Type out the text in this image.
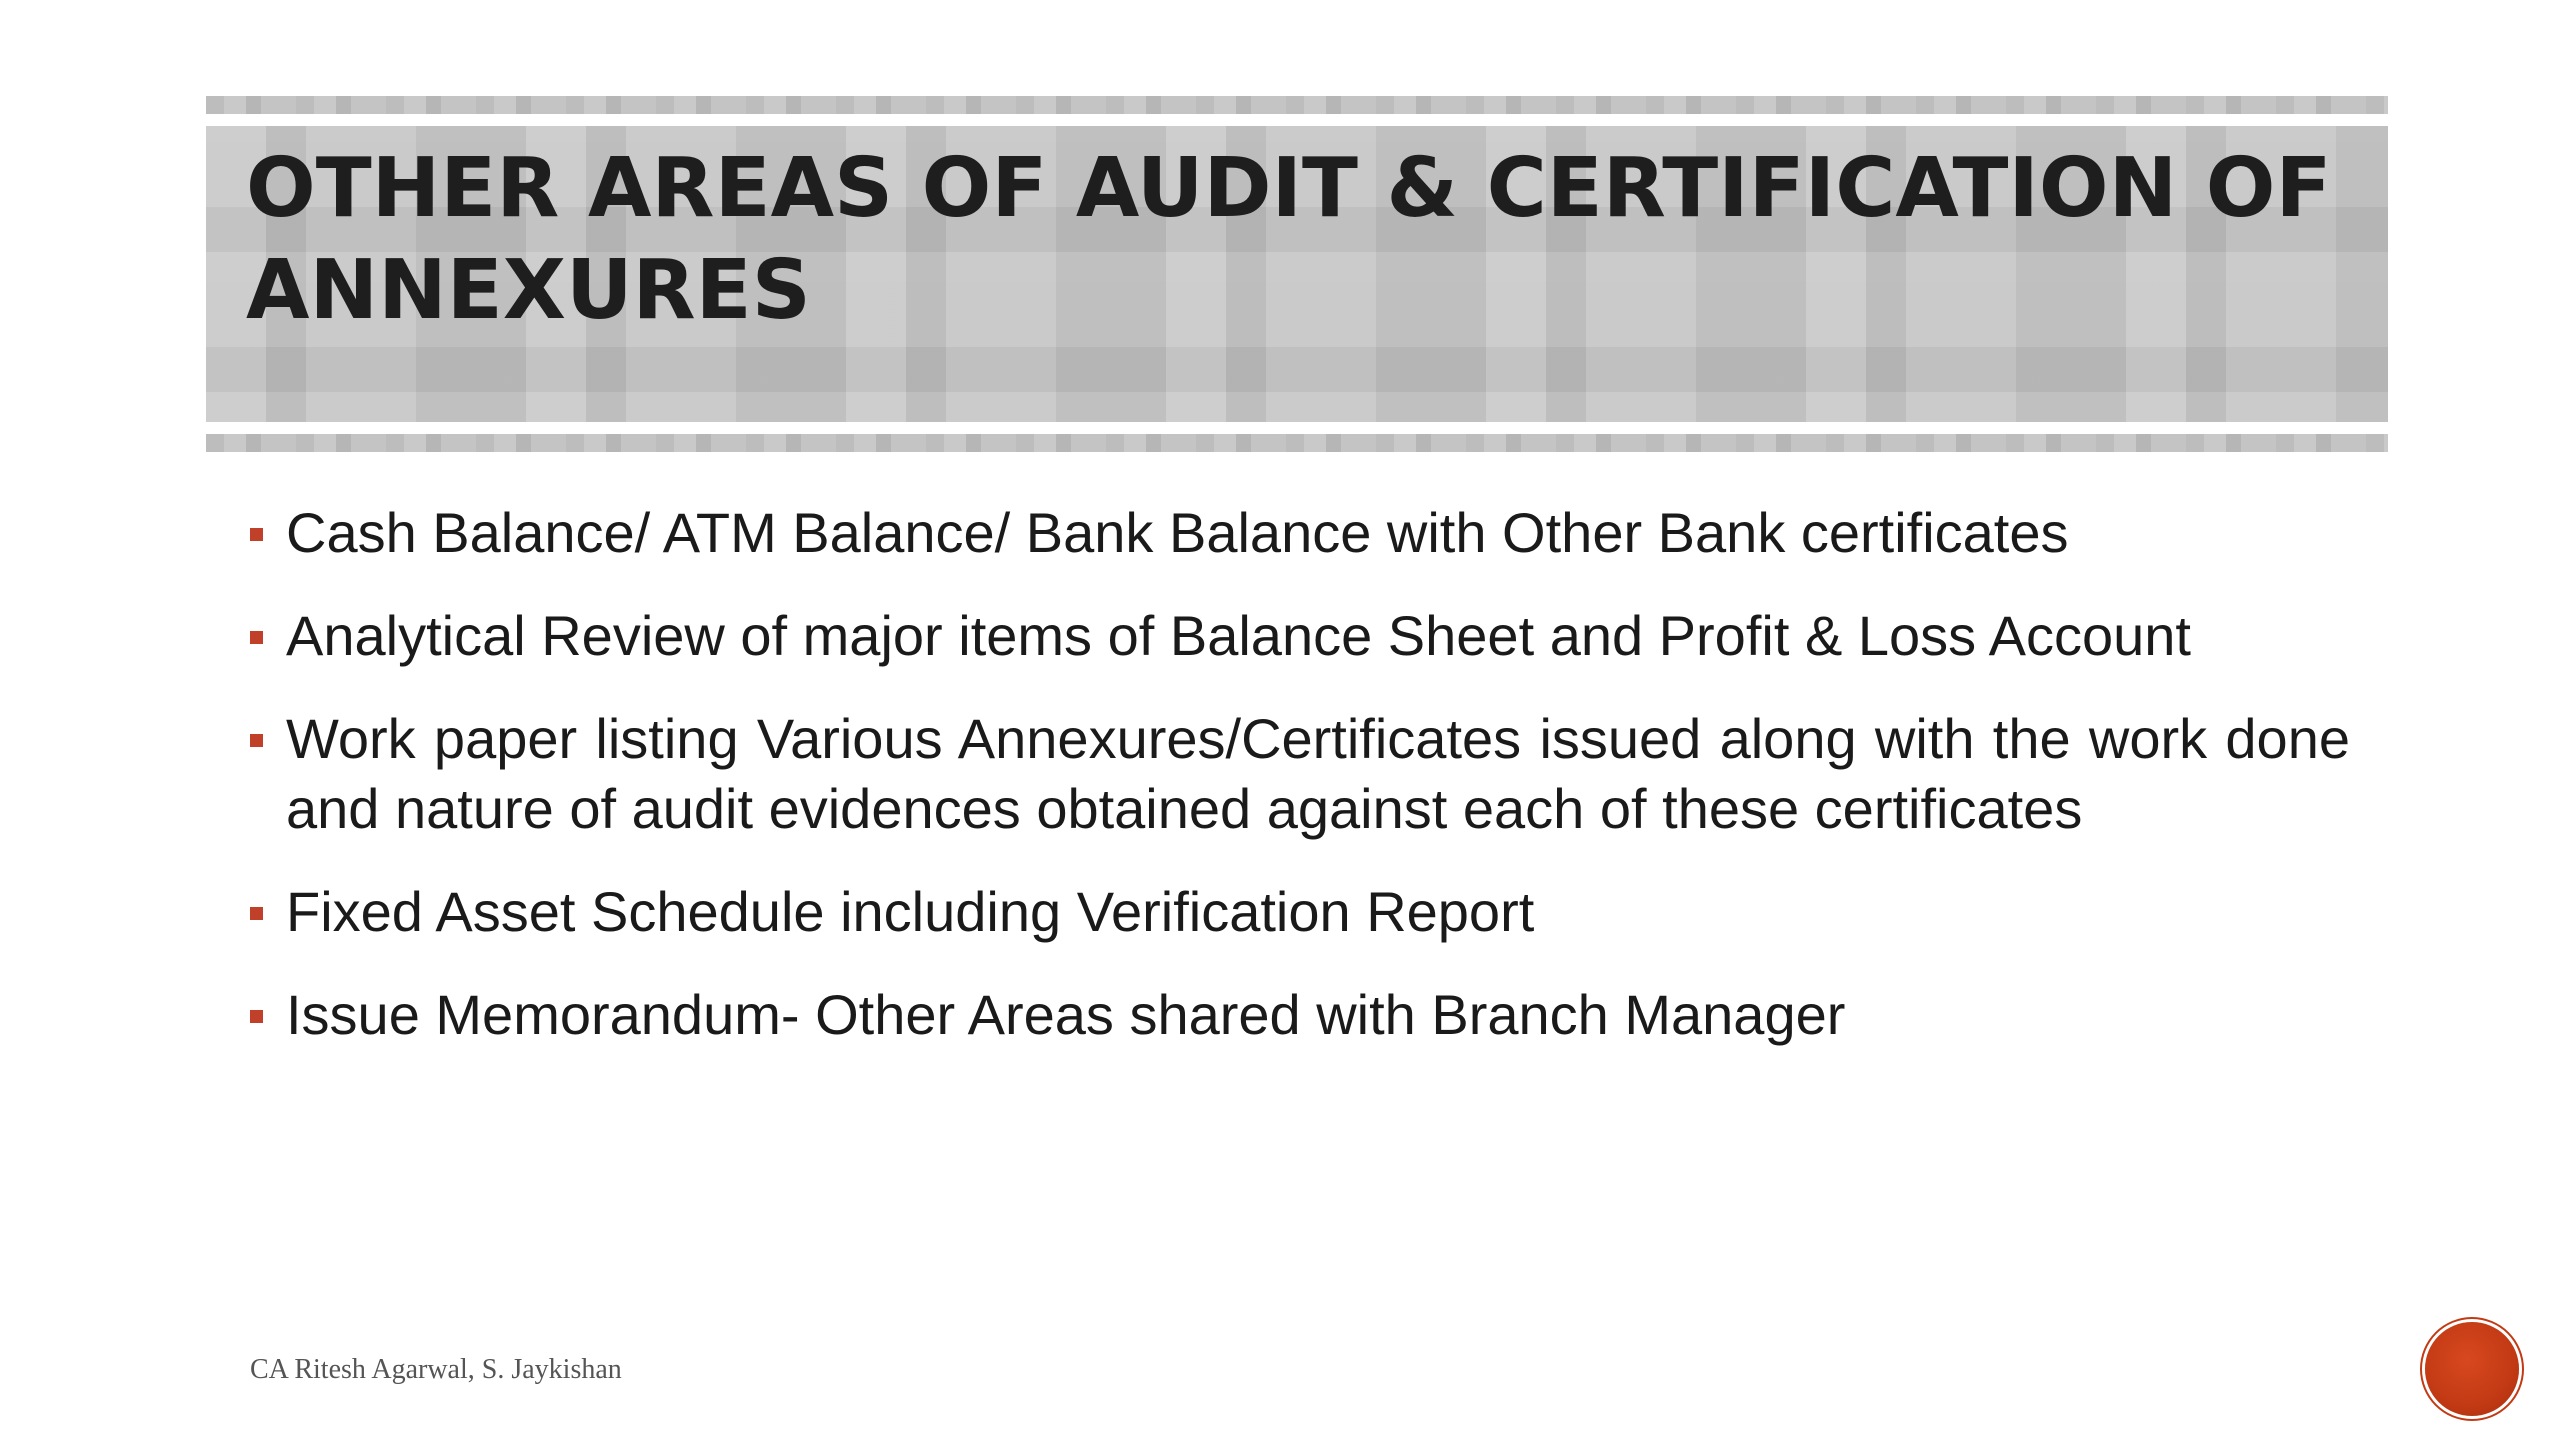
OTHER AREAS OF AUDIT & CERTIFICATION OF ANNEXURES
Cash Balance/ ATM Balance/ Bank Balance with Other Bank certificates
Analytical Review of major items of Balance Sheet and Profit & Loss Account
Work paper listing Various Annexures/Certificates issued along with the work done and nature of audit evidences obtained against each of these certificates
Fixed Asset Schedule including Verification Report
Issue Memorandum- Other Areas shared with Branch Manager
CA Ritesh Agarwal, S. Jaykishan
